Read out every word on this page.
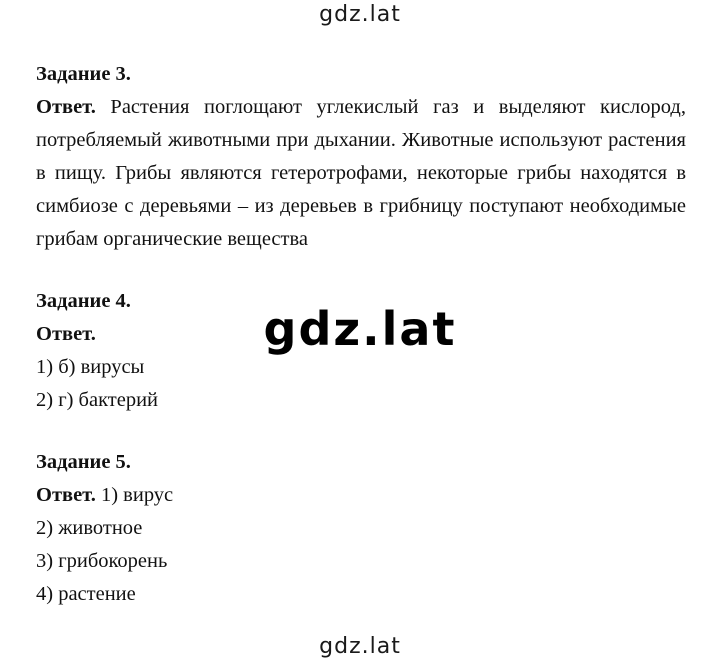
gdz.lat
Задание 3.
Ответ. Растения поглощают углекислый газ и выделяют кислород, потребляемый животными при дыхании. Животные используют растения в пищу. Грибы являются гетеротрофами, некоторые грибы находятся в симбиозе с деревьями – из деревьев в грибницу поступают необходимые грибам органические вещества
Задание 4.
Ответ.
1) б) вирусы
2) г) бактерий
Задание 5.
Ответ. 1) вирус
2) животное
3) грибокорень
4) растение
gdz.lat
gdz.lat
